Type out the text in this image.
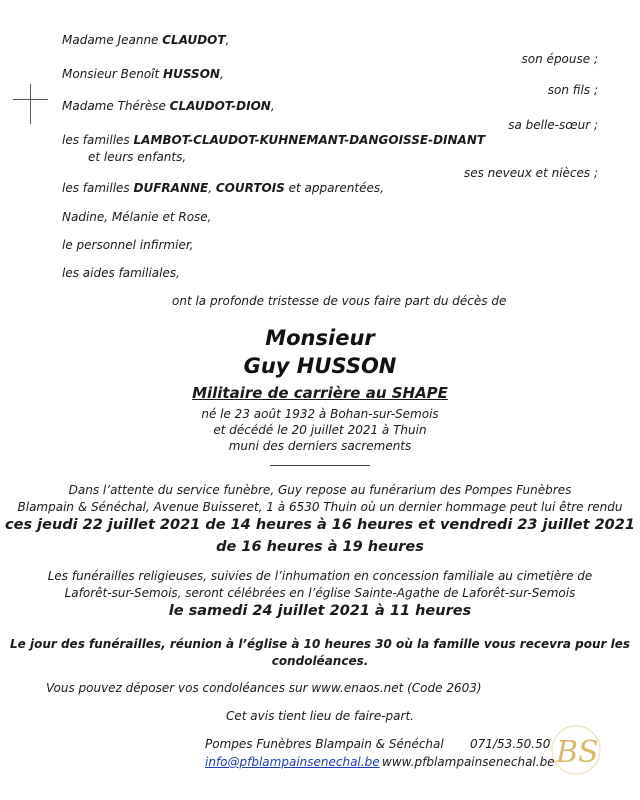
Madame Jeanne CLAUDOT,
son épouse ;
Monsieur Benoît HUSSON,
son fils ;
Madame Thérèse CLAUDOT-DION,
sa belle-sœur ;
les familles LAMBOT-CLAUDOT-KUHNEMANT-DANGOISSE-DINANT
et leurs enfants,
ses neveux et nièces ;
les familles DUFRANNE, COURTOIS et apparentées,
Nadine, Mélanie et Rose,
le personnel infirmier,
les aides familiales,
ont la profonde tristesse de vous faire part du décès de
Monsieur
Guy HUSSON
Militaire de carrière au SHAPE
né le 23 août 1932 à Bohan-sur-Semois
et décédé le 20 juillet 2021 à Thuin
muni des derniers sacrements
Dans l’attente du service funèbre, Guy repose au funérarium des Pompes Funèbres
Blampain & Sénéchal, Avenue Buisseret, 1 à 6530 Thuin où un dernier hommage peut lui être rendu
ces jeudi 22 juillet 2021 de 14 heures à 16 heures et vendredi 23 juillet 2021
de 16 heures à 19 heures
Les funérailles religieuses, suivies de l’inhumation en concession familiale au cimetière de
Laforêt-sur-Semois, seront célébrées en l’église Sainte-Agathe de Laforêt-sur-Semois
le samedi 24 juillet 2021 à 11 heures
Le jour des funérailles, réunion à l’église à 10 heures 30 où la famille vous recevra pour les
condoléances.
Vous pouvez déposer vos condoléances sur www.enaos.net (Code 2603)
Cet avis tient lieu de faire-part.
Pompes Funèbres Blampain & Sénéchal 071/53.50.50
info@pfblampainsenechal.be www.pfblampainsenechal.be BS
